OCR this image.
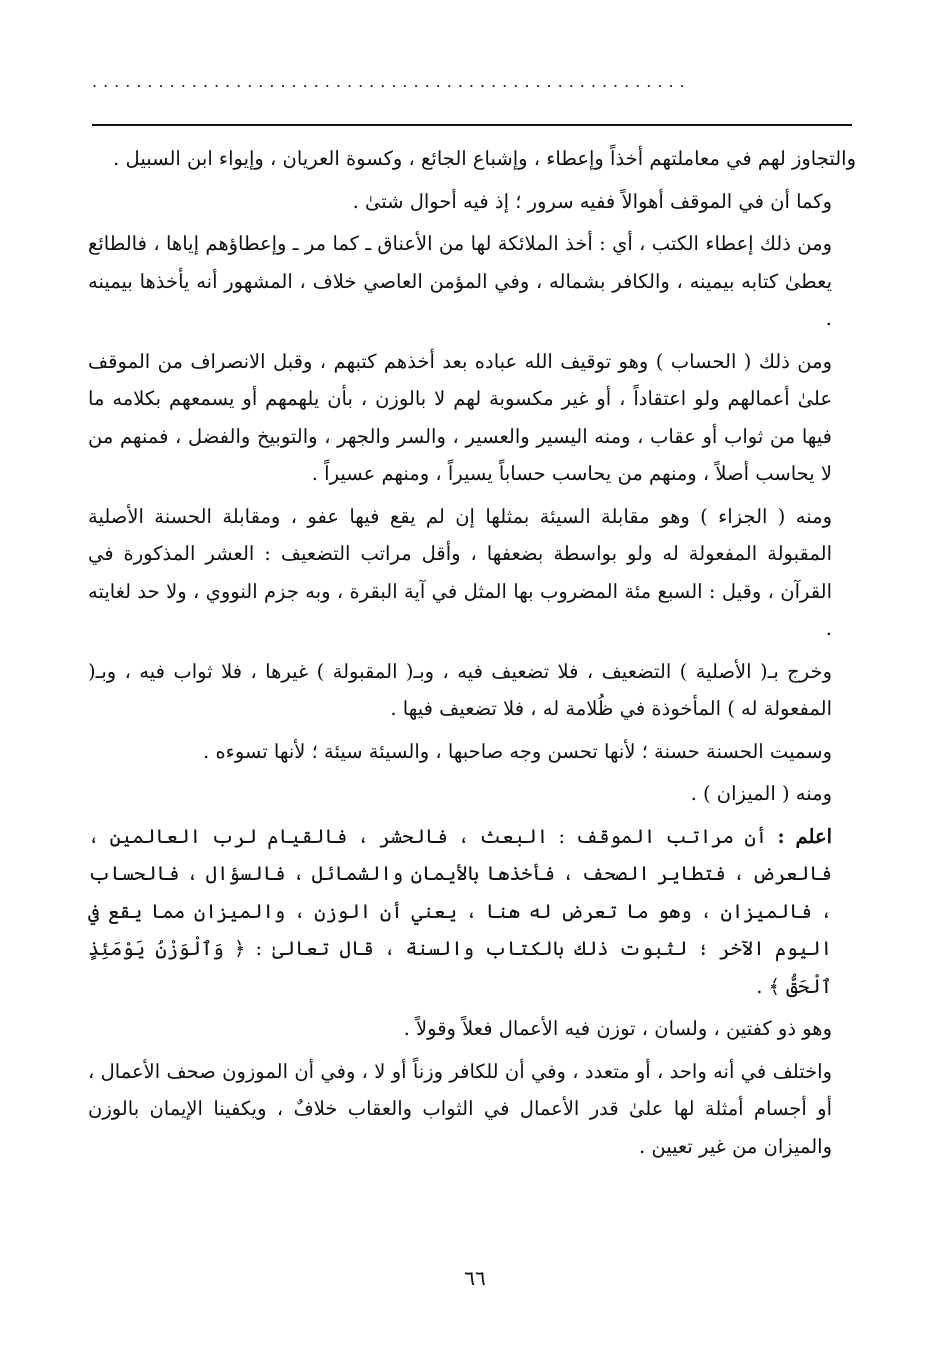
......................................................

والتجاوز لهم في معاملتهم أخذاً وإعطاء ، وإشباع الجائع ، وكسوة العريان ، وإيواء ابن السبيل .

وكما أن في الموقف أهوالاً ففيه سرور ؛ إذ فيه أحوال شتىٰ .

ومن ذلك إعطاء الكتب ، أي : أخذ الملائكة لها من الأعناق ـ كما مر ـ وإعطاؤهم إياها ، فالطائع يعطىٰ كتابه بيمينه ، والكافر بشماله ، وفي المؤمن العاصي خلاف ، المشهور أنه يأخذها بيمينه .

ومن ذلك ( الحساب ) وهو توقيف الله عباده بعد أخذهم كتبهم ، وقبل الانصراف من الموقف علىٰ أعمالهم ولو اعتقاداً ، أو غير مكسوبة لهم لا بالوزن ، بأن يلهمهم أو يسمعهم بكلامه ما فيها من ثواب أو عقاب ، ومنه اليسير والعسير ، والسر والجهر ، والتوبيخ والفضل ، فمنهم من لا يحاسب أصلاً ، ومنهم من يحاسب حساباً يسيراً ، ومنهم عسيراً .

ومنه ( الجزاء ) وهو مقابلة السيئة بمثلها إن لم يقع فيها عفو ، ومقابلة الحسنة الأصلية المقبولة المفعولة له ولو بواسطة بضعفها ، وأقل مراتب التضعيف : العشر المذكورة في القرآن ، وقيل : السبع مئة المضروب بها المثل في آية البقرة ، وبه جزم النووي ، ولا حد لغايته .

وخرج بـ( الأصلية ) التضعيف ، فلا تضعيف فيه ، وبـ( المقبولة ) غيرها ، فلا ثواب فيه ، وبـ( المفعولة له ) المأخوذة في ظُلامة له ، فلا تضعيف فيها .

وسميت الحسنة حسنة ؛ لأنها تحسن وجه صاحبها ، والسيئة سيئة ؛ لأنها تسوءه .

ومنه ( الميزان ) .

اعلم : أن مراتب الموقف : البعث ، فالحشر ، فالقيام لرب العالمين ، فالعرض ، فتطاير الصحف ، فأخذها بالأيمان والشمائل ، فالسؤال ، فالحساب ، فالميزان ، وهو ما تعرض له هنا ، يعني أن الوزن ، والميزان مما يقع في اليوم الآخر ؛ لثبوت ذلك بالكتاب والسنة ، قال تعالىٰ : ﴿ وَٱلْوَزْنُ يَوْمَئِذٍ ٱلْحَقُّ ﴾ .

وهو ذو كفتين ، ولسان ، توزن فيه الأعمال فعلاً وقولاً .

واختلف في أنه واحد ، أو متعدد ، وفي أن للكافر وزناً أو لا ، وفي أن الموزون صحف الأعمال ، أو أجسام أمثلة لها علىٰ قدر الأعمال في الثواب والعقاب خلافٌ ، ويكفينا الإيمان بالوزن والميزان من غير تعيين .

٦٦
